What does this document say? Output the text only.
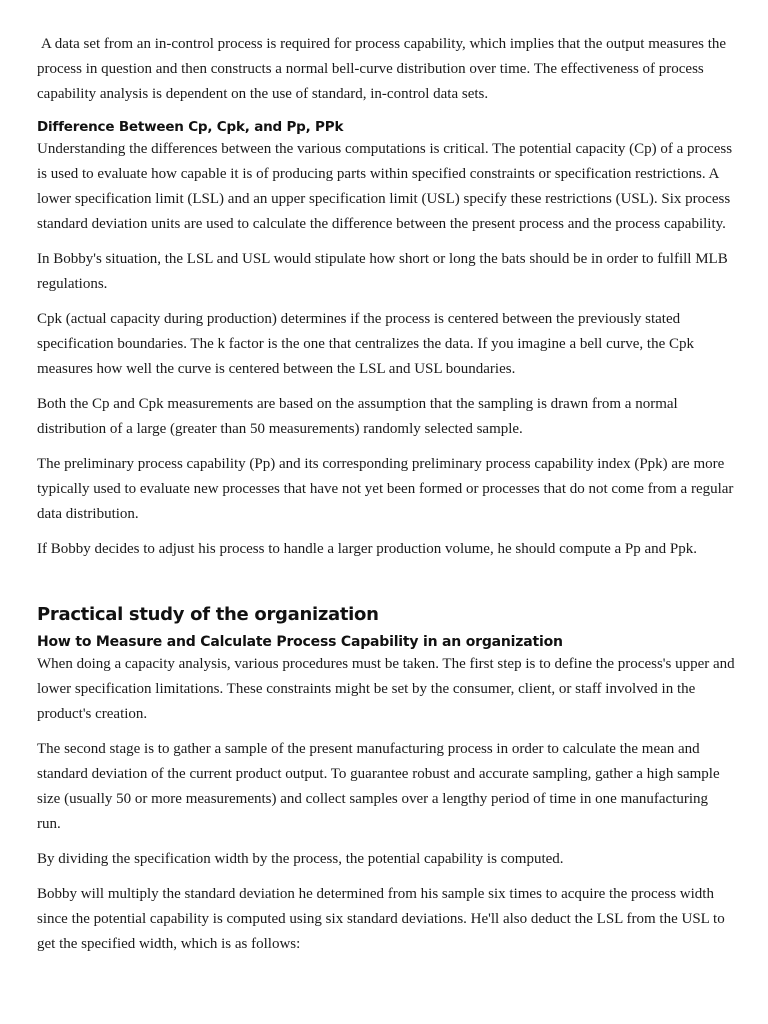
A data set from an in-control process is required for process capability, which implies that the output measures the process in question and then constructs a normal bell-curve distribution over time. The effectiveness of process capability analysis is dependent on the use of standard, in-control data sets.

Difference Between Cp, Cpk, and Pp, PPk

Understanding the differences between the various computations is critical. The potential capacity (Cp) of a process is used to evaluate how capable it is of producing parts within specified constraints or specification restrictions. A lower specification limit (LSL) and an upper specification limit (USL) specify these restrictions (USL). Six process standard deviation units are used to calculate the difference between the present process and the process capability.

In Bobby's situation, the LSL and USL would stipulate how short or long the bats should be in order to fulfill MLB regulations.

Cpk (actual capacity during production) determines if the process is centered between the previously stated specification boundaries. The k factor is the one that centralizes the data. If you imagine a bell curve, the Cpk measures how well the curve is centered between the LSL and USL boundaries.

Both the Cp and Cpk measurements are based on the assumption that the sampling is drawn from a normal distribution of a large (greater than 50 measurements) randomly selected sample.

The preliminary process capability (Pp) and its corresponding preliminary process capability index (Ppk) are more typically used to evaluate new processes that have not yet been formed or processes that do not come from a regular data distribution.

If Bobby decides to adjust his process to handle a larger production volume, he should compute a Pp and Ppk.

Practical study of the organization
How to Measure and Calculate Process Capability in an organization

When doing a capacity analysis, various procedures must be taken. The first step is to define the process's upper and lower specification limitations. These constraints might be set by the consumer, client, or staff involved in the product's creation.

The second stage is to gather a sample of the present manufacturing process in order to calculate the mean and standard deviation of the current product output. To guarantee robust and accurate sampling, gather a high sample size (usually 50 or more measurements) and collect samples over a lengthy period of time in one manufacturing run.

By dividing the specification width by the process, the potential capability is computed.

Bobby will multiply the standard deviation he determined from his sample six times to acquire the process width since the potential capability is computed using six standard deviations. He'll also deduct the LSL from the USL to get the specified width, which is as follows:
